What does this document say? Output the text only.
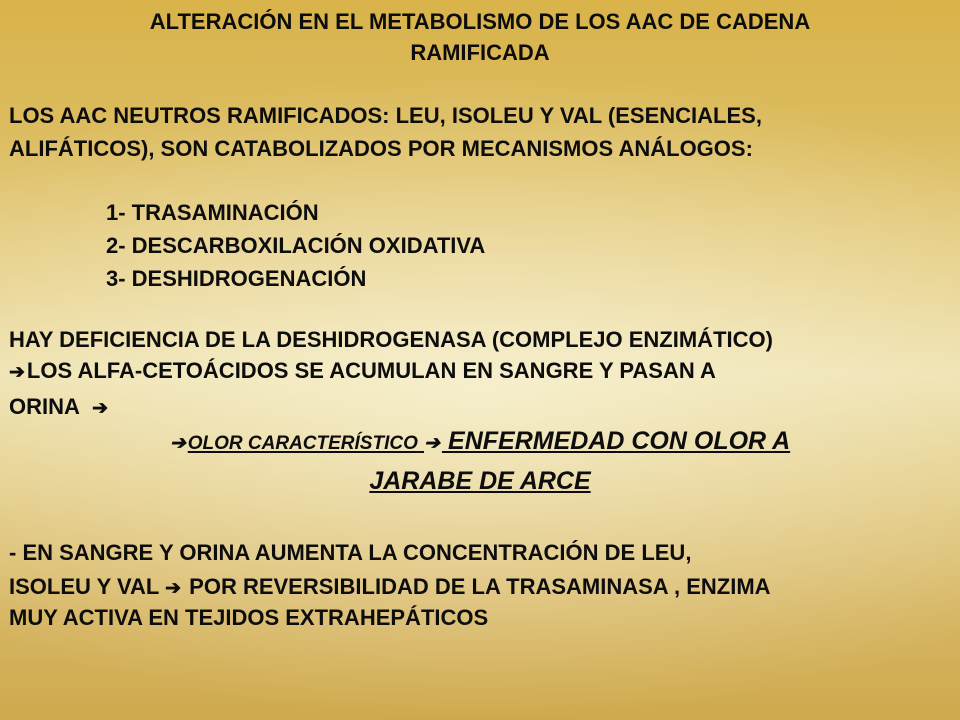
ALTERACIÓN EN EL METABOLISMO DE LOS AAC DE CADENA
RAMIFICADA
LOS AAC NEUTROS RAMIFICADOS: LEU, ISOLEU Y VAL (ESENCIALES,
ALIFÁTICOS), SON CATABOLIZADOS POR MECANISMOS ANÁLOGOS:
1- TRASAMINACIÓN
2- DESCARBOXILACIÓN OXIDATIVA
3- DESHIDROGENACIÓN
HAY DEFICIENCIA DE LA DESHIDROGENASA (COMPLEJO ENZIMÁTICO)
➔LOS ALFA-CETOÁCIDOS SE ACUMULAN EN SANGRE Y PASAN A
ORINA ➔
➔ OLOR CARACTERÍSTICO ➔ ENFERMEDAD CON OLOR A
JARABE DE ARCE
- EN SANGRE Y ORINA AUMENTA LA CONCENTRACIÓN DE LEU,
ISOLEU Y VAL ➔ POR REVERSIBILIDAD DE LA TRASAMINASA , ENZIMA
MUY ACTIVA EN TEJIDOS EXTRAHEPÁTICOS
